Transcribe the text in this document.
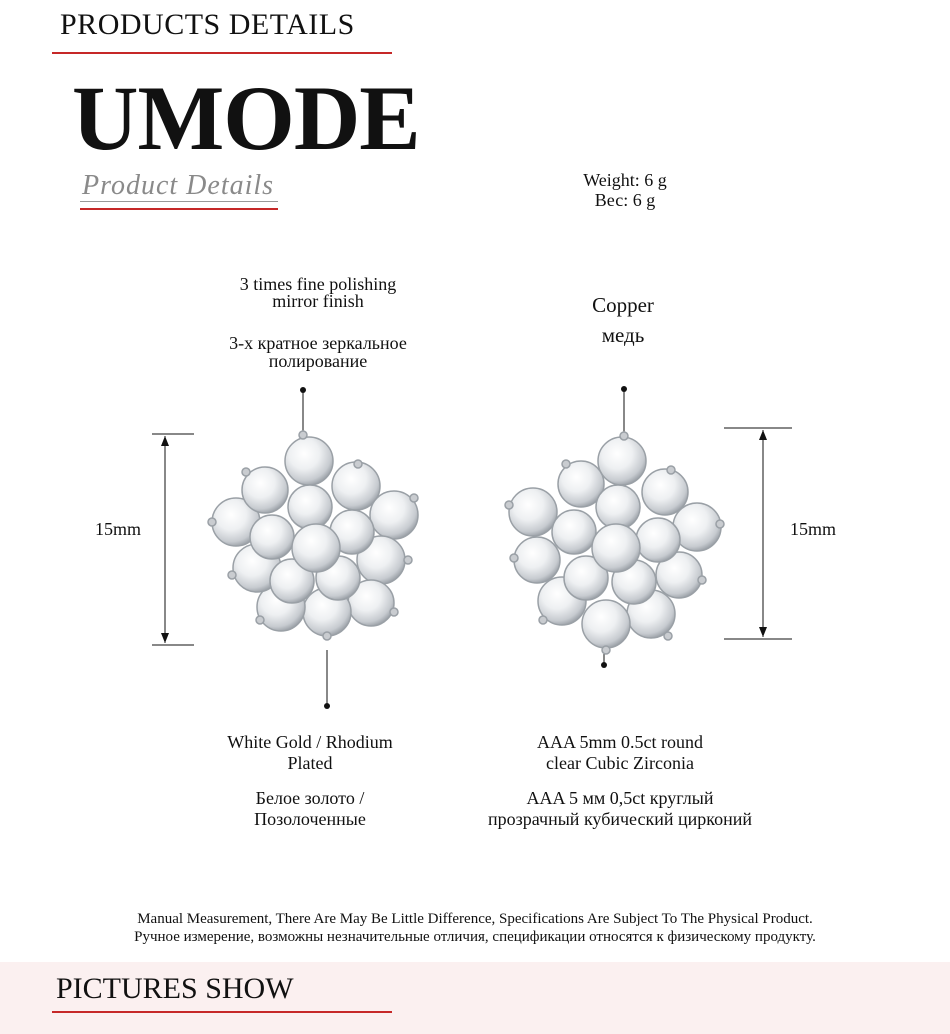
PRODUCTS DETAILS
UMODE
Product Details	Weight: 6 g
Вес: 6 g
3 times fine polishing
mirror finish
3-х кратное зеркальное
полирование
Copper
медь
15mm	15mm
White Gold / Rhodium
Plated
Белое золото /
Позолоченные
AAA 5mm 0.5ct round
clear Cubic Zirconia
AAA 5 мм 0,5ct круглый
прозрачный кубический цирконий
Manual Measurement, There Are May Be Little Difference, Specifications Are Subject To The Physical Product.
Ручное измерение, возможны незначительные отличия, спецификации относятся к физическому продукту.
PICTURES SHOW
